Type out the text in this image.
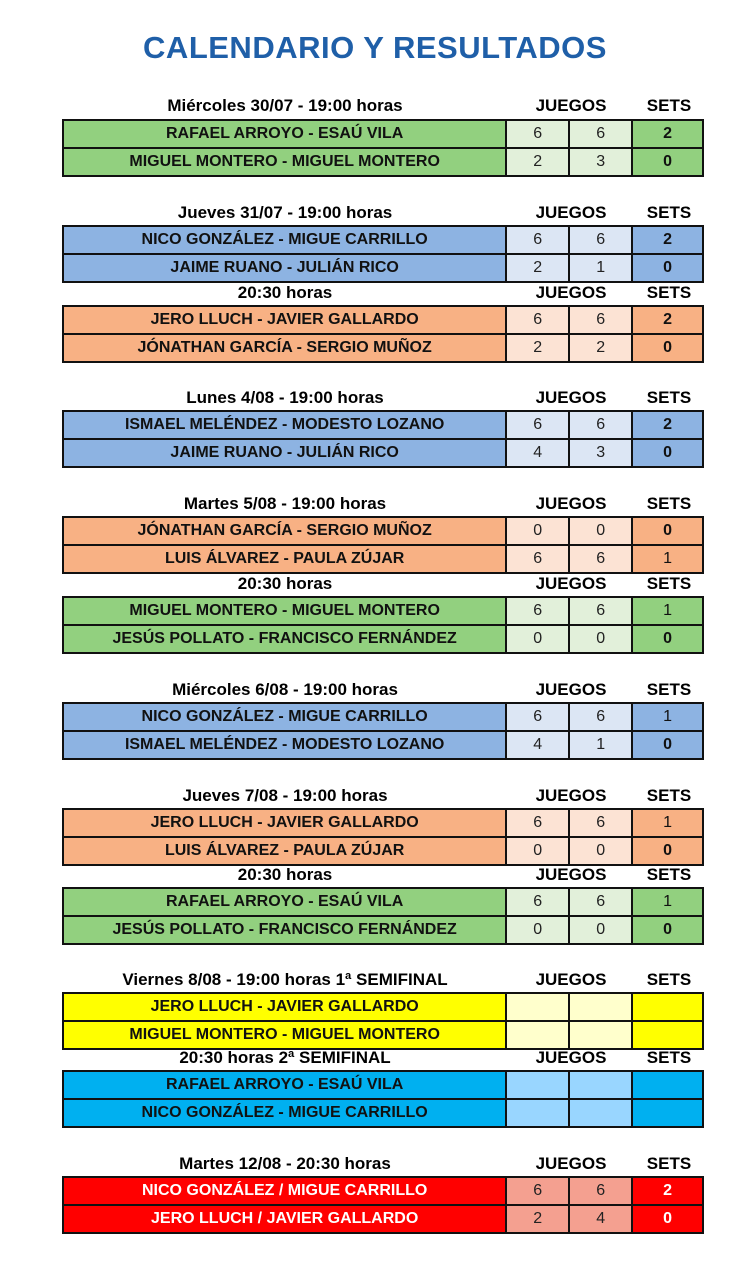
CALENDARIO Y RESULTADOS
Miércoles 30/07 - 19:00 horas	JUEGOS	SETS
RAFAEL ARROYO - ESAÚ VILA	6	6	2
MIGUEL MONTERO - MIGUEL MONTERO	2	3	0
Jueves 31/07 - 19:00 horas	JUEGOS	SETS
NICO GONZÁLEZ - MIGUE CARRILLO	6	6	2
JAIME RUANO - JULIÁN RICO	2	1	0
20:30 horas	JUEGOS	SETS
JERO LLUCH - JAVIER GALLARDO	6	6	2
JÓNATHAN GARCÍA - SERGIO MUÑOZ	2	2	0
Lunes 4/08 - 19:00 horas	JUEGOS	SETS
ISMAEL MELÉNDEZ - MODESTO LOZANO	6	6	2
JAIME RUANO - JULIÁN RICO	4	3	0
Martes 5/08 - 19:00 horas	JUEGOS	SETS
JÓNATHAN GARCÍA - SERGIO MUÑOZ	0	0	0
LUIS ÁLVAREZ - PAULA ZÚJAR	6	6	1
20:30 horas	JUEGOS	SETS
MIGUEL MONTERO - MIGUEL MONTERO	6	6	1
JESÚS POLLATO - FRANCISCO FERNÁNDEZ	0	0	0
Miércoles 6/08 - 19:00 horas	JUEGOS	SETS
NICO GONZÁLEZ - MIGUE CARRILLO	6	6	1
ISMAEL MELÉNDEZ - MODESTO LOZANO	4	1	0
Jueves 7/08 - 19:00 horas	JUEGOS	SETS
JERO LLUCH - JAVIER GALLARDO	6	6	1
LUIS ÁLVAREZ - PAULA ZÚJAR	0	0	0
20:30 horas	JUEGOS	SETS
RAFAEL ARROYO - ESAÚ VILA	6	6	1
JESÚS POLLATO - FRANCISCO FERNÁNDEZ	0	0	0
Viernes 8/08 - 19:00 horas 1ª SEMIFINAL	JUEGOS	SETS
JERO LLUCH - JAVIER GALLARDO
MIGUEL MONTERO - MIGUEL MONTERO
20:30 horas 2ª SEMIFINAL	JUEGOS	SETS
RAFAEL ARROYO - ESAÚ VILA
NICO GONZÁLEZ - MIGUE CARRILLO
Martes 12/08 - 20:30 horas	JUEGOS	SETS
NICO GONZÁLEZ / MIGUE CARRILLO	6	6	2
JERO LLUCH / JAVIER GALLARDO	2	4	0
